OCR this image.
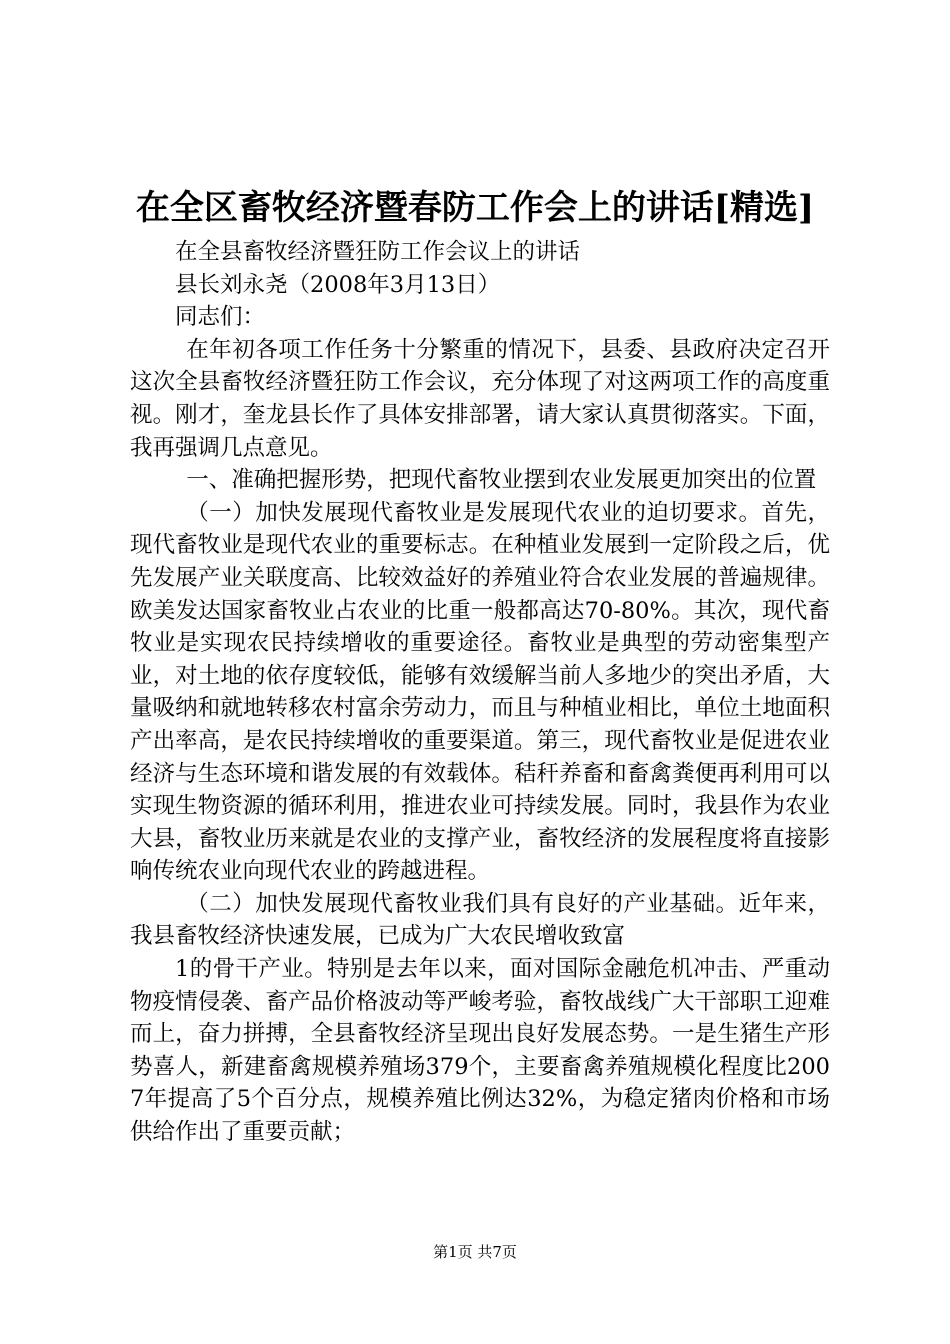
在全区畜牧经济暨春防工作会上的讲话[精选]

在全县畜牧经济暨狂防工作会议上的讲话

县长刘永尧（2008年3月13日）

同志们：

在年初各项工作任务十分繁重的情况下，县委、县政府决定召开这次全县畜牧经济暨狂防工作会议，充分体现了对这两项工作的高度重视。刚才，奎龙县长作了具体安排部署，请大家认真贯彻落实。下面，我再强调几点意见。

一、准确把握形势，把现代畜牧业摆到农业发展更加突出的位置

（一）加快发展现代畜牧业是发展现代农业的迫切要求。首先，现代畜牧业是现代农业的重要标志。在种植业发展到一定阶段之后，优先发展产业关联度高、比较效益好的养殖业符合农业发展的普遍规律。欧美发达国家畜牧业占农业的比重一般都高达70-80%。其次，现代畜牧业是实现农民持续增收的重要途径。畜牧业是典型的劳动密集型产业，对土地的依存度较低，能够有效缓解当前人多地少的突出矛盾，大量吸纳和就地转移农村富余劳动力，而且与种植业相比，单位土地面积产出率高，是农民持续增收的重要渠道。第三，现代畜牧业是促进农业经济与生态环境和谐发展的有效载体。秸秆养畜和畜禽粪便再利用可以实现生物资源的循环利用，推进农业可持续发展。同时，我县作为农业大县，畜牧业历来就是农业的支撑产业，畜牧经济的发展程度将直接影响传统农业向现代农业的跨越进程。

（二）加快发展现代畜牧业我们具有良好的产业基础。近年来，我县畜牧经济快速发展，已成为广大农民增收致富

1的骨干产业。特别是去年以来，面对国际金融危机冲击、严重动物疫情侵袭、畜产品价格波动等严峻考验，畜牧战线广大干部职工迎难而上，奋力拼搏，全县畜牧经济呈现出良好发展态势。一是生猪生产形势喜人，新建畜禽规模养殖场379个，主要畜禽养殖规模化程度比2007年提高了5个百分点，规模养殖比例达32%，为稳定猪肉价格和市场供给作出了重要贡献；

第1页 共7页
